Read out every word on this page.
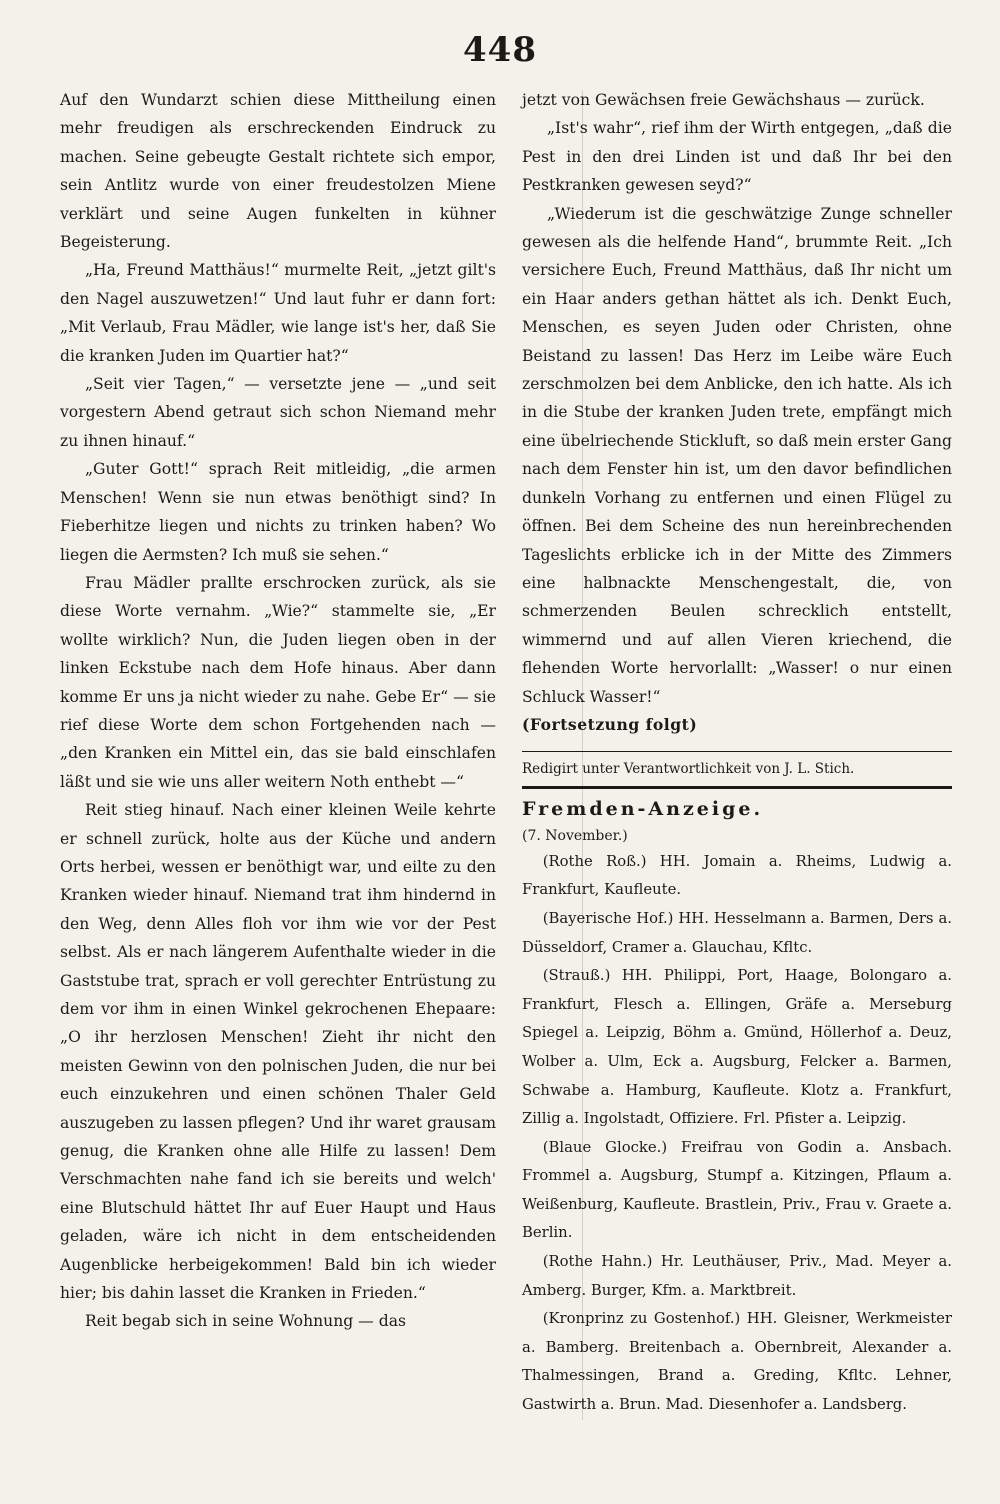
448

Auf den Wundarzt schien diese Mittheilung einen mehr freudigen als erschreckenden Eindruck zu machen. Seine gebeugte Gestalt richtete sich empor, sein Antlitz wurde von einer freudestolzen Miene verklärt und seine Augen funkelten in kühner Begeisterung.

„Ha, Freund Matthäus!“ murmelte Reit, „jetzt gilt's den Nagel auszuwetzen!“ Und laut fuhr er dann fort: „Mit Verlaub, Frau Mädler, wie lange ist's her, daß Sie die kranken Juden im Quartier hat?“

„Seit vier Tagen,“ — versetzte jene — „und seit vorgestern Abend getraut sich schon Niemand mehr zu ihnen hinauf.“

„Guter Gott!“ sprach Reit mitleidig, „die armen Menschen! Wenn sie nun etwas benöthigt sind? In Fieberhitze liegen und nichts zu trinken haben? Wo liegen die Aermsten? Ich muß sie sehen.“

Frau Mädler prallte erschrocken zurück, als sie diese Worte vernahm. „Wie?“ stammelte sie, „Er wollte wirklich? Nun, die Juden liegen oben in der linken Eckstube nach dem Hofe hinaus. Aber dann komme Er uns ja nicht wieder zu nahe. Gebe Er“ — sie rief diese Worte dem schon Fortgehenden nach — „den Kranken ein Mittel ein, das sie bald einschlafen läßt und sie wie uns aller weitern Noth enthebt —“

Reit stieg hinauf. Nach einer kleinen Weile kehrte er schnell zurück, holte aus der Küche und andern Orts herbei, wessen er benöthigt war, und eilte zu den Kranken wieder hinauf. Niemand trat ihm hindernd in den Weg, denn Alles floh vor ihm wie vor der Pest selbst. Als er nach längerem Aufenthalte wieder in die Gaststube trat, sprach er voll gerechter Entrüstung zu dem vor ihm in einen Winkel gekrochenen Ehepaare: „O ihr herzlosen Menschen! Zieht ihr nicht den meisten Gewinn von den polnischen Juden, die nur bei euch einzukehren und einen schönen Thaler Geld auszugeben zu lassen pflegen? Und ihr waret grausam genug, die Kranken ohne alle Hilfe zu lassen! Dem Verschmachten nahe fand ich sie bereits und welch' eine Blutschuld hättet Ihr auf Euer Haupt und Haus geladen, wäre ich nicht in dem entscheidenden Augenblicke herbeigekommen! Bald bin ich wieder hier; bis dahin lasset die Kranken in Frieden.“

Reit begab sich in seine Wohnung — das

jetzt von Gewächsen freie Gewächshaus — zurück.

„Ist's wahr“, rief ihm der Wirth entgegen, „daß die Pest in den drei Linden ist und daß Ihr bei den Pestkranken gewesen seyd?“

„Wiederum ist die geschwätzige Zunge schneller gewesen als die helfende Hand“, brummte Reit. „Ich versichere Euch, Freund Matthäus, daß Ihr nicht um ein Haar anders gethan hättet als ich. Denkt Euch, Menschen, es seyen Juden oder Christen, ohne Beistand zu lassen! Das Herz im Leibe wäre Euch zerschmolzen bei dem Anblicke, den ich hatte. Als ich in die Stube der kranken Juden trete, empfängt mich eine übelriechende Stickluft, so daß mein erster Gang nach dem Fenster hin ist, um den davor befindlichen dunkeln Vorhang zu entfernen und einen Flügel zu öffnen. Bei dem Scheine des nun hereinbrechenden Tageslichts erblicke ich in der Mitte des Zimmers eine halbnackte Menschengestalt, die, von schmerzenden Beulen schrecklich entstellt, wimmernd und auf allen Vieren kriechend, die flehenden Worte hervorlallt: „Wasser! o nur einen Schluck Wasser!“

(Fortsetzung folgt)

Redigirt unter Verantwortlichkeit von J. L. Stich.

Fremden-Anzeige.

(7. November.)

(Rothe Roß.) HH. Jomain a. Rheims, Ludwig a. Frankfurt, Kaufleute.

(Bayerische Hof.) HH. Hesselmann a. Barmen, Ders a. Düsseldorf, Cramer a. Glauchau, Kfltc.

(Strauß.) HH. Philippi, Port, Haage, Bolongaro a. Frankfurt, Flesch a. Ellingen, Gräfe a. Merseburg Spiegel a. Leipzig, Böhm a. Gmünd, Höllerhof a. Deuz, Wolber a. Ulm, Eck a. Augsburg, Felcker a. Barmen, Schwabe a. Hamburg, Kaufleute. Klotz a. Frankfurt, Zillig a. Ingolstadt, Offiziere. Frl. Pfister a. Leipzig.

(Blaue Glocke.) Freifrau von Godin a. Ansbach. Frommel a. Augsburg, Stumpf a. Kitzingen, Pflaum a. Weißenburg, Kaufleute. Brastlein, Priv., Frau v. Graete a. Berlin.

(Rothe Hahn.) Hr. Leuthäuser, Priv., Mad. Meyer a. Amberg. Burger, Kfm. a. Marktbreit.

(Kronprinz zu Gostenhof.) HH. Gleisner, Werkmeister a. Bamberg. Breitenbach a. Obernbreit, Alexander a. Thalmessingen, Brand a. Greding, Kfltc. Lehner, Gastwirth a. Brun. Mad. Diesenhofer a. Landsberg.
